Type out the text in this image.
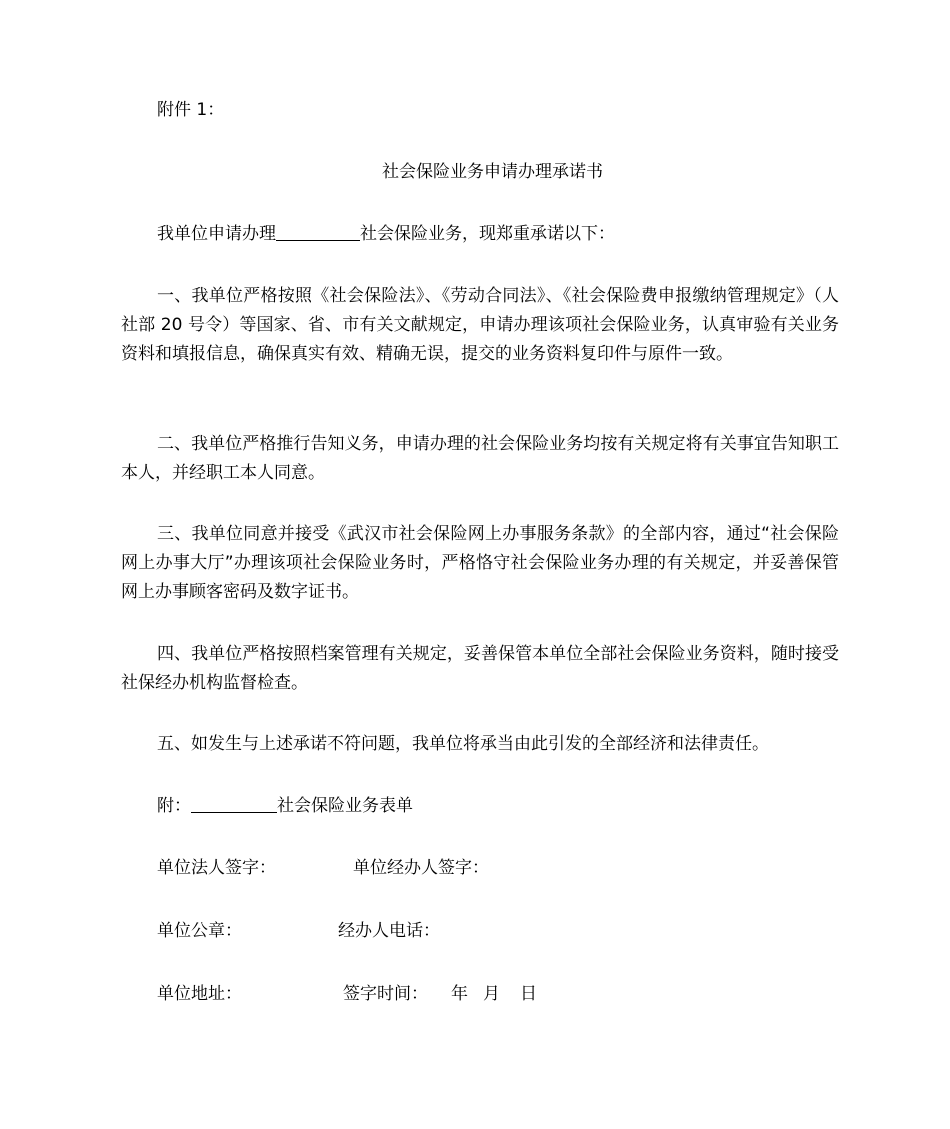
附件 1：
社会保险业务申请办理承诺书
我单位申请办理	社会保险业务，现郑重承诺以下：
一、我单位严格按照《社会保险法》、《劳动合同法》、《社会保险费申报缴纳管理规定》（人社部 20 号令）等国家、省、市有关文献规定，申请办理该项社会保险业务，认真审验有关业务资料和填报信息，确保真实有效、精确无误，提交的业务资料复印件与原件一致。
二、我单位严格推行告知义务，申请办理的社会保险业务均按有关规定将有关事宜告知职工本人，并经职工本人同意。
三、我单位同意并接受《武汉市社会保险网上办事服务条款》的全部内容，通过“社会保险网上办事大厅”办理该项社会保险业务时，严格恪守社会保险业务办理的有关规定，并妥善保管网上办事顾客密码及数字证书。
四、我单位严格按照档案管理有关规定，妥善保管本单位全部社会保险业务资料，随时接受社保经办机构监督检查。
五、如发生与上述承诺不符问题，我单位将承当由此引发的全部经济和法律责任。
附：	社会保险业务表单
单位法人签字：	单位经办人签字：
单位公章：	经办人电话：
单位地址：	签字时间： 年 月 日
